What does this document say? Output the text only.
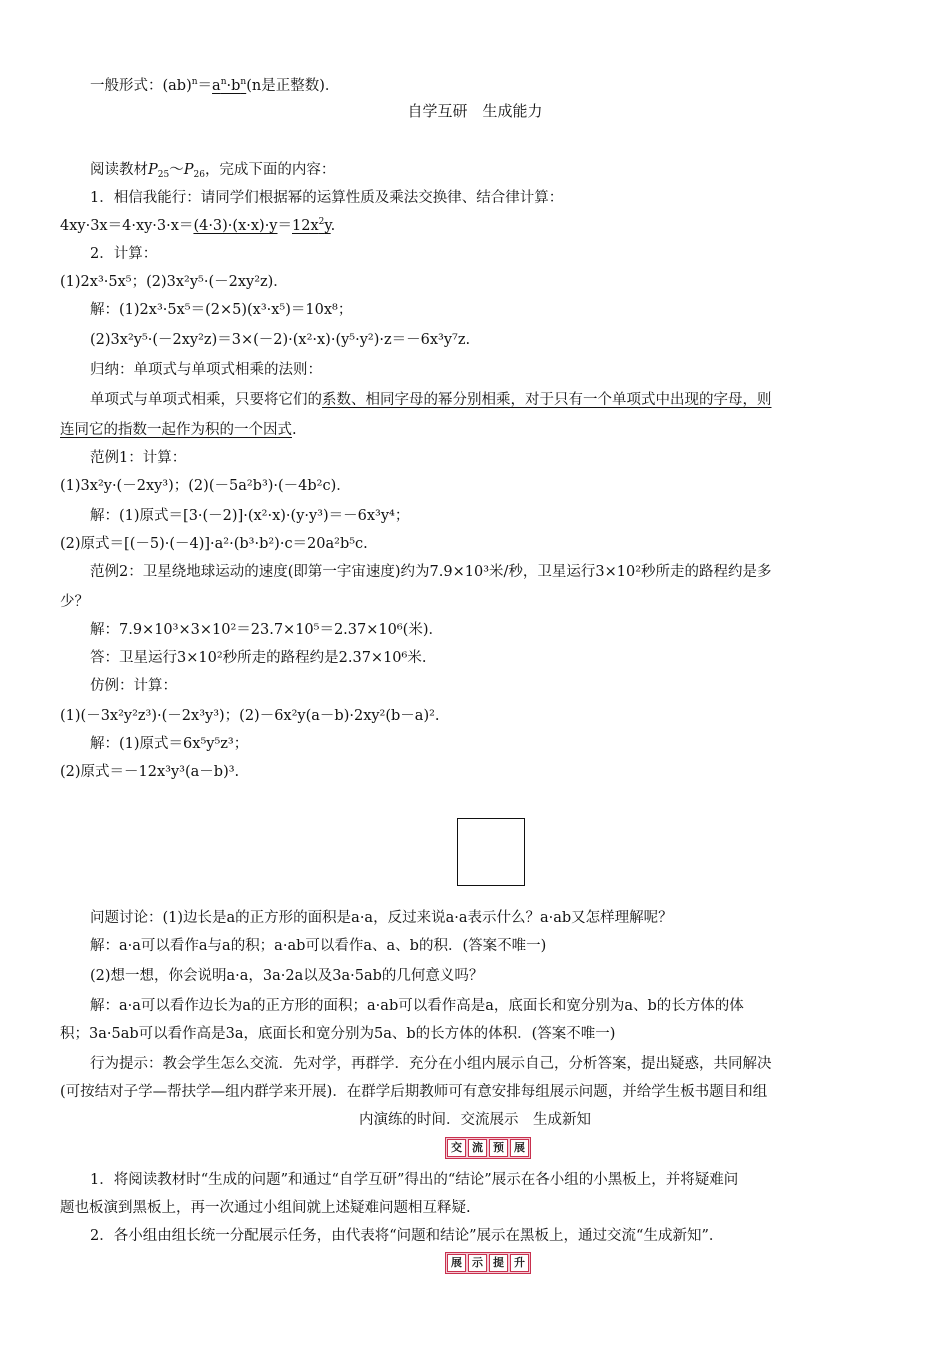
一般形式：$(ab)^n=a^n\cdot b^n(n$是正整数)．
自学互研　生成能力
阅读教材$P_{25}\sim P_{26}$，完成下面的内容：
1．相信我能行：请同学们根据幂的运算性质及乘法交换律、结合律计算：
$4xy\cdot 3x=4\cdot xy\cdot 3\cdot x=(4\cdot 3)\cdot(x\cdot x)\cdot y=12x^2y$.
2．计算：
(1)2x³·5x⁵；(2)3x²y⁵·(－2xy²z)．
解：(1)2x³·5x⁵＝(2×5)(x³·x⁵)＝10x⁸；
(2)3x²y⁵·(－2xy²z)＝3×(－2)·(x²·x)·(y⁵·y²)·z＝－6x³y⁷z.
归纳：单项式与单项式相乘的法则：
单项式与单项式相乘，只要将它们的系数、相同字母的幂分别相乘，对于只有一个单项式中出现的字母，则
连同它的指数一起作为积的一个因式.
范例1：计算：
(1)3x²y·(－2xy³)；(2)(－5a²b³)·(－4b²c)．
解：(1)原式＝[3·(－2)]·(x²·x)·(y·y³)＝－6x³y⁴；
(2)原式＝[(－5)·(－4)]·a²·(b³·b²)·c＝20a²b⁵c.
范例2：卫星绕地球运动的速度(即第一宇宙速度)约为7.9×10³米/秒，卫星运行3×10²秒所走的路程约是多
少？
解：7.9×10³×3×10²＝23.7×10⁵＝2.37×10⁶(米)．
答：卫星运行3×10²秒所走的路程约是2.37×10⁶米.
仿例：计算：
(1)(－3x²y²z³)·(－2x³y³)；(2)－6x²y(a－b)·2xy²(b－a)².
解：(1)原式＝6x⁵y⁵z³；
(2)原式＝－12x³y³(a－b)³.
问题讨论：(1)边长是a的正方形的面积是a·a，反过来说a·a表示什么？a·ab又怎样理解呢？
解：a·a可以看作a与a的积；a·ab可以看作a、a、b的积．(答案不唯一)
(2)想一想，你会说明a·a，3a·2a以及3a·5ab的几何意义吗？
解：a·a可以看作边长为a的正方形的面积；a·ab可以看作高是a，底面长和宽分别为a、b的长方体的体
积；3a·5ab可以看作高是3a，底面长和宽分别为5a、b的长方体的体积．(答案不唯一)
行为提示：教会学生怎么交流．先对学，再群学．充分在小组内展示自己，分析答案，提出疑惑，共同解决
(可按结对子学—帮扶学—组内群学来开展)．在群学后期教师可有意安排每组展示问题，并给学生板书题目和组
内演练的时间．交流展示　生成新知
交 流 预 展
1．将阅读教材时“生成的问题”和通过“自学互研”得出的“结论”展示在各小组的小黑板上，并将疑难问
题也板演到黑板上，再一次通过小组间就上述疑难问题相互释疑.
2．各小组由组长统一分配展示任务，由代表将“问题和结论”展示在黑板上，通过交流“生成新知”．
展 示 提 升
